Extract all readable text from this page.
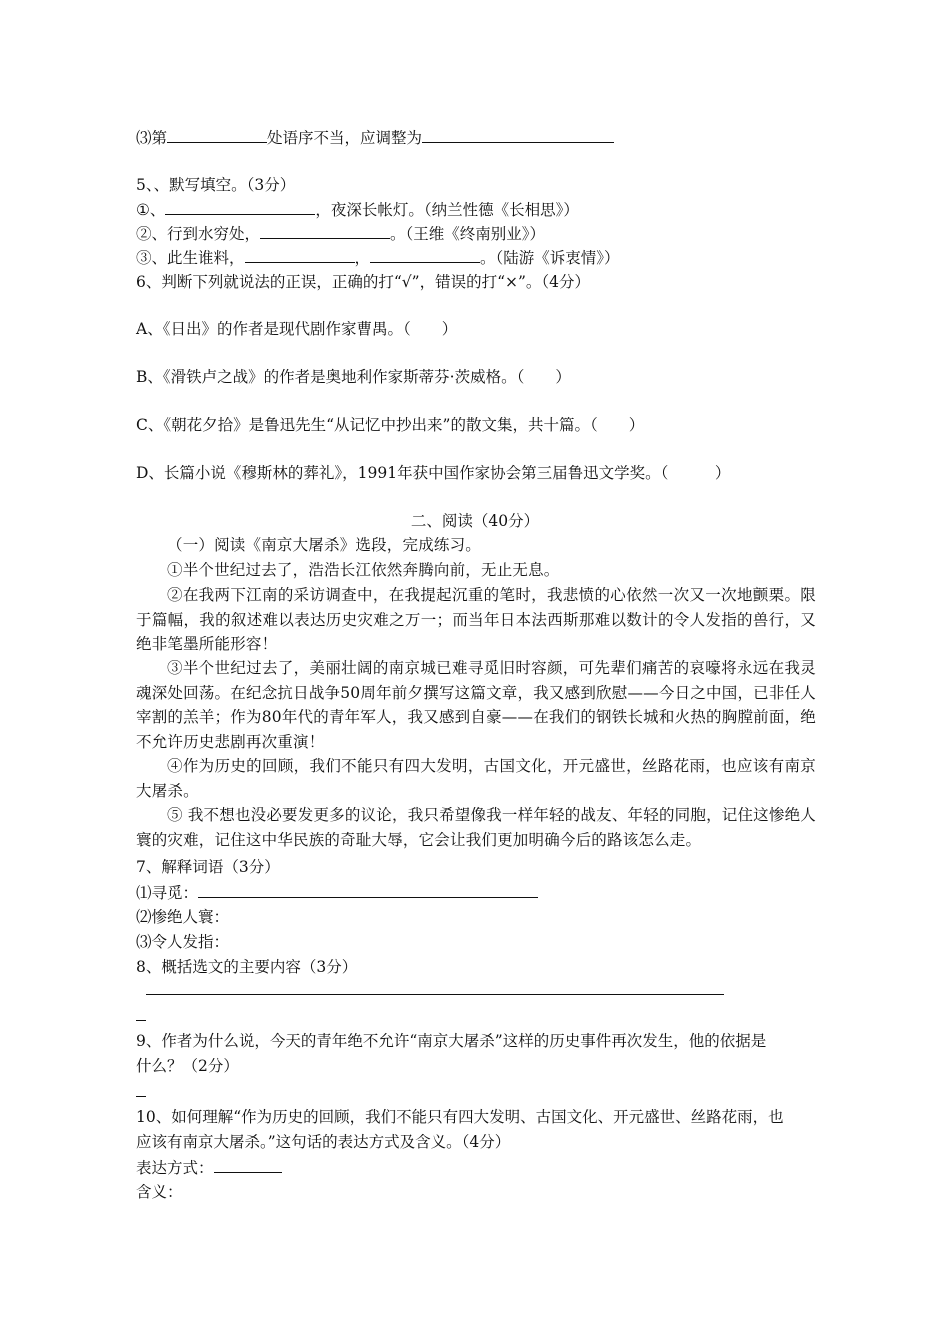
⑶第	处语序不当，应调整为
5、、默写填空。（3分）
①、	，夜深长帐灯。（纳兰性德《长相思》）
②、行到水穷处，	。（王维《终南别业》）
③、此生谁料，	，	。（陆游《诉衷情》）
6、判断下列就说法的正误，正确的打“√”，错误的打“×”。（4分）
A、《日出》的作者是现代剧作家曹禺。（　　）
B、《滑铁卢之战》的作者是奥地利作家斯蒂芬·茨威格。（　　）
C、《朝花夕拾》是鲁迅先生“从记忆中抄出来”的散文集，共十篇。（　　）
D、长篇小说《穆斯林的葬礼》，1991年获中国作家协会第三届鲁迅文学奖。（　　　）
二、阅读（40分）
（一）阅读《南京大屠杀》选段，完成练习。
①半个世纪过去了，浩浩长江依然奔腾向前，无止无息。
②在我两下江南的采访调查中，在我提起沉重的笔时，我悲愤的心依然一次又一次地颤栗。限于篇幅，我的叙述难以表达历史灾难之万一；而当年日本法西斯那难以数计的令人发指的兽行，又绝非笔墨所能形容！
③半个世纪过去了，美丽壮阔的南京城已难寻觅旧时容颜，可先辈们痛苦的哀嚎将永远在我灵魂深处回荡。在纪念抗日战争50周年前夕撰写这篇文章，我又感到欣慰——今日之中国，已非任人宰割的羔羊；作为80年代的青年军人，我又感到自豪——在我们的钢铁长城和火热的胸膛前面，绝不允许历史悲剧再次重演！
④作为历史的回顾，我们不能只有四大发明，古国文化，开元盛世，丝路花雨，也应该有南京大屠杀。
⑤ 我不想也没必要发更多的议论，我只希望像我一样年轻的战友、年轻的同胞，记住这惨绝人寰的灾难，记住这中华民族的奇耻大辱，它会让我们更加明确今后的路该怎么走。
7、解释词语（3分）
⑴寻觅：
⑵惨绝人寰：
⑶令人发指：
8、概括选文的主要内容（3分）
9、作者为什么说，今天的青年绝不允许“南京大屠杀”这样的历史事件再次发生，他的依据是
什么？（2分）
10、如何理解“作为历史的回顾，我们不能只有四大发明、古国文化、开元盛世、丝路花雨，也
应该有南京大屠杀。”这句话的表达方式及含义。（4分）
表达方式：
含义：
